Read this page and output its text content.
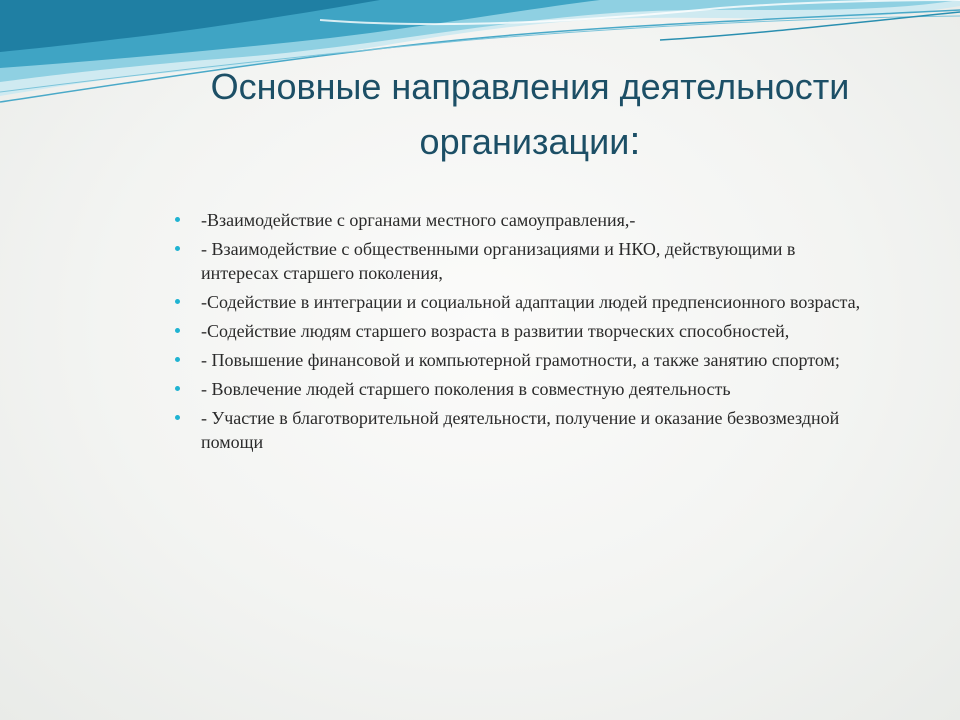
Основные направления деятельности
организации:
-Взаимодействие с органами местного самоуправления,-
- Взаимодействие с общественными организациями и НКО, действующими в интересах старшего поколения,
-Содействие в интеграции и социальной адаптации людей предпенсионного возраста,
-Содействие людям старшего возраста в развитии творческих способностей,
- Повышение финансовой и компьютерной грамотности, а также занятию спортом;
- Вовлечение людей старшего поколения в совместную деятельность
- Участие в благотворительной деятельности, получение и оказание безвозмездной помощи
